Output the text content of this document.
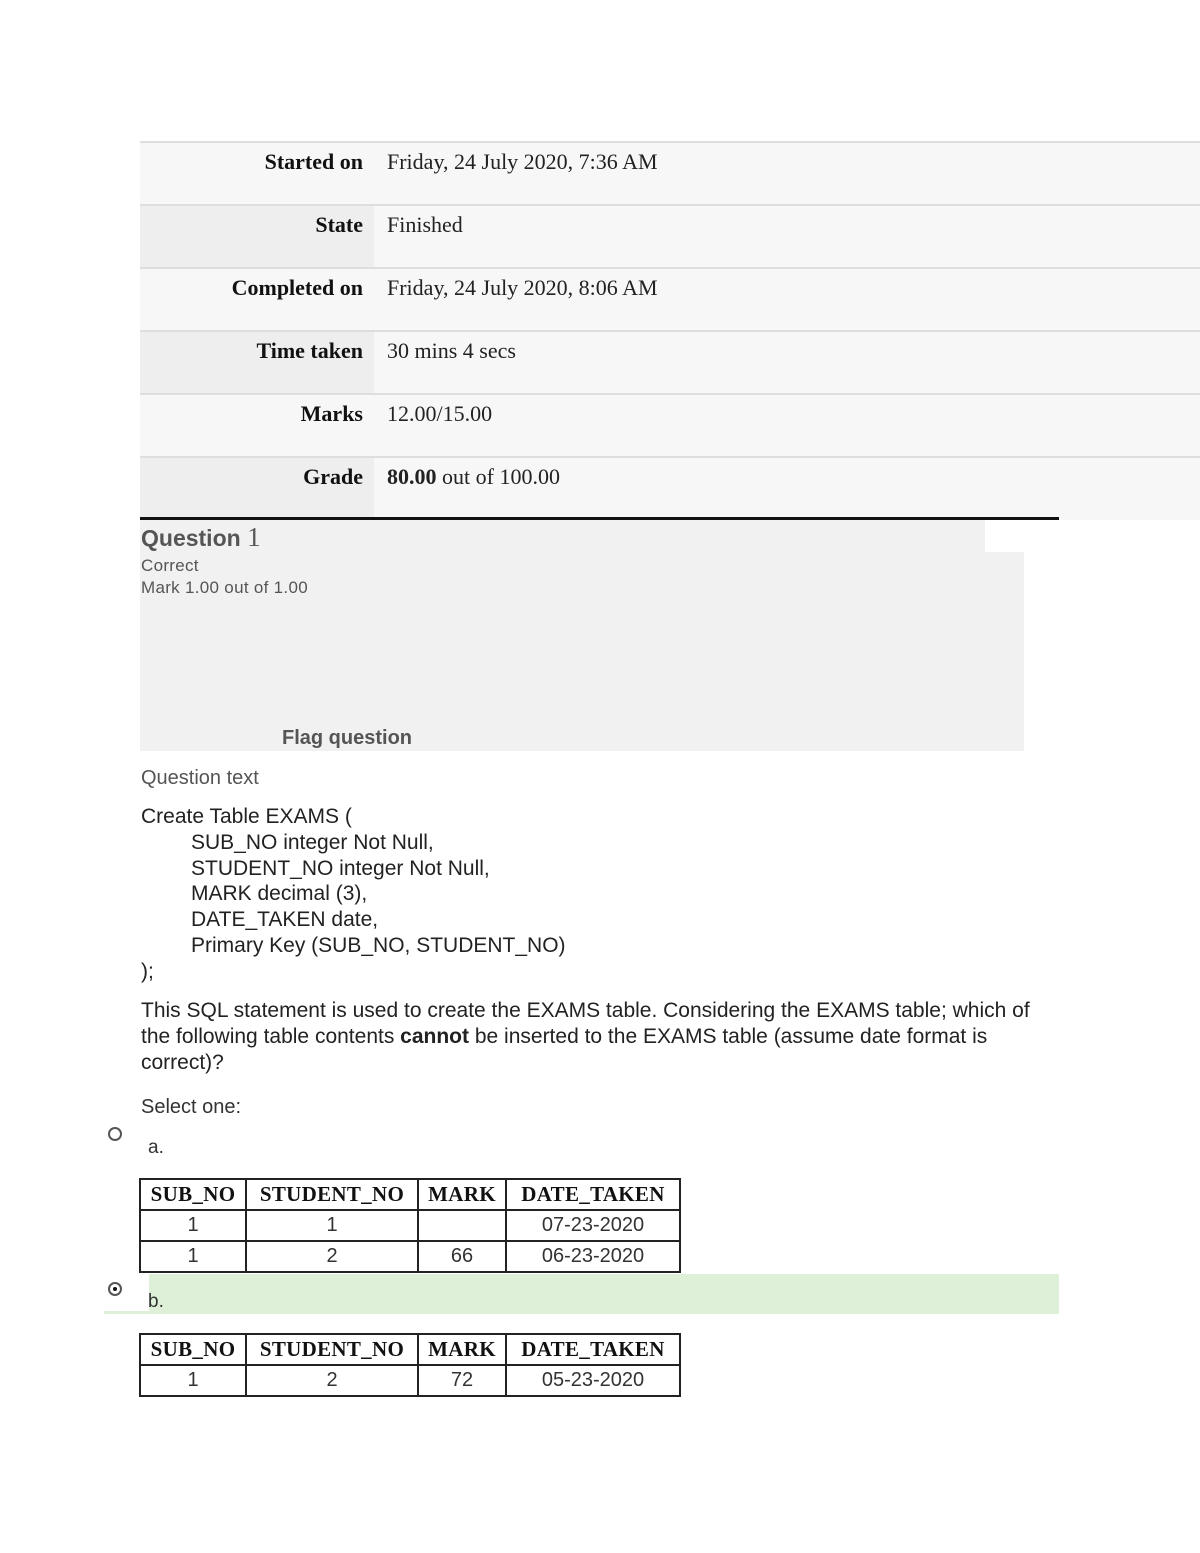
Started on	Friday, 24 July 2020, 7:36 AM
State	Finished
Completed on	Friday, 24 July 2020, 8:06 AM
Time taken	30 mins 4 secs
Marks	12.00/15.00
Grade	80.00 out of 100.00
Question 1
Correct
Mark 1.00 out of 1.00
Flag question
Question text
Create Table EXAMS (
SUB_NO integer Not Null,
STUDENT_NO integer Not Null,
MARK decimal (3),
DATE_TAKEN date,
Primary Key (SUB_NO, STUDENT_NO)
);
This SQL statement is used to create the EXAMS table. Considering the EXAMS table; which of the following table contents cannot be inserted to the EXAMS table (assume date format is correct)?
Select one:
a.
SUB_NO	STUDENT_NO	MARK	DATE_TAKEN
1	1		07-23-2020
1	2	66	06-23-2020
b.
SUB_NO	STUDENT_NO	MARK	DATE_TAKEN
1	2	72	05-23-2020
